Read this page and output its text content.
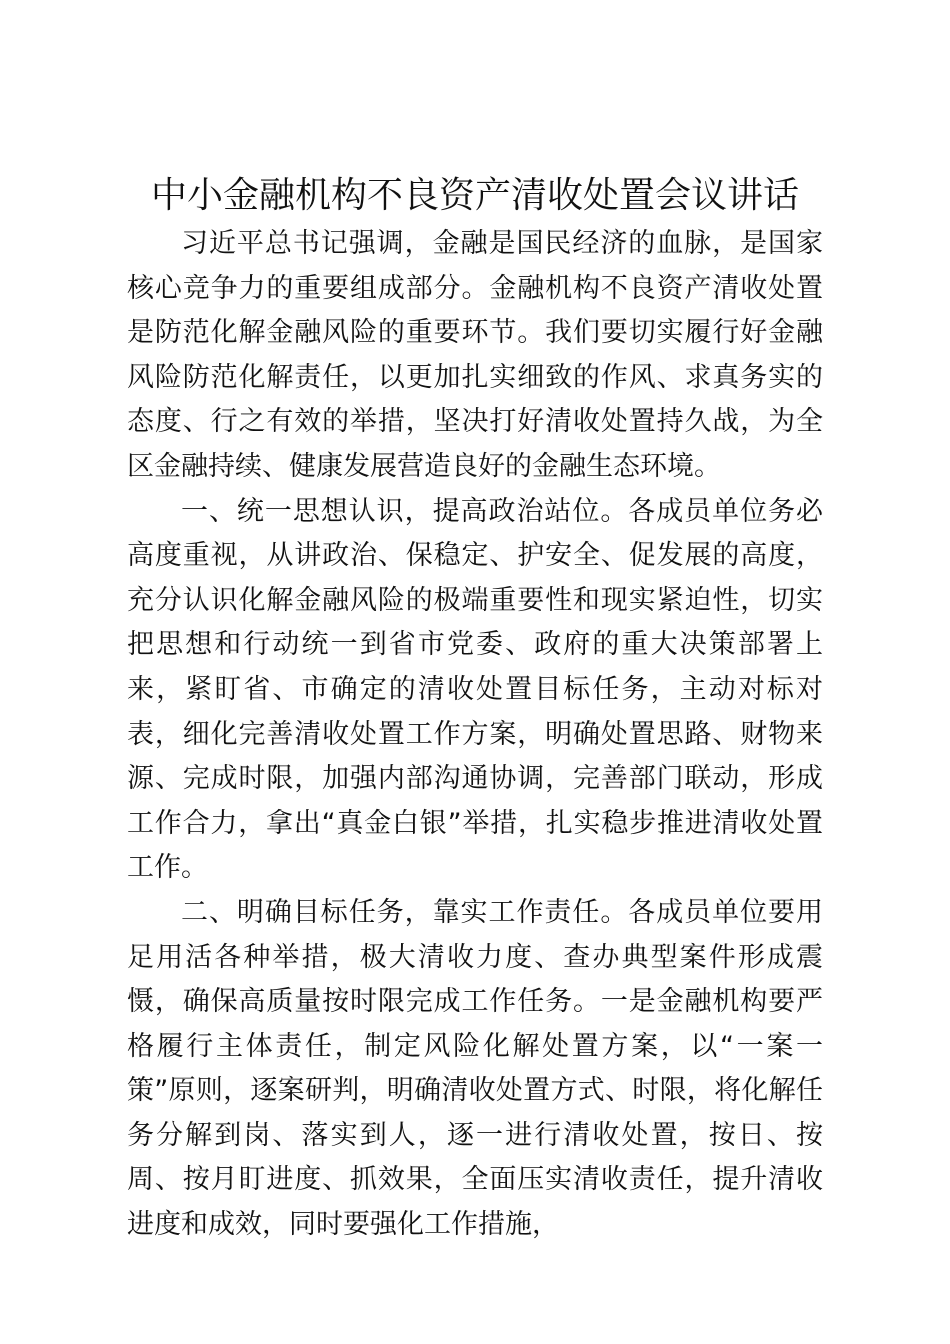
中小金融机构不良资产清收处置会议讲话

习近平总书记强调，金融是国民经济的血脉，是国家核心竞争力的重要组成部分。金融机构不良资产清收处置是防范化解金融风险的重要环节。我们要切实履行好金融风险防范化解责任，以更加扎实细致的作风、求真务实的态度、行之有效的举措，坚决打好清收处置持久战，为全区金融持续、健康发展营造良好的金融生态环境。

一、统一思想认识，提高政治站位。各成员单位务必高度重视，从讲政治、保稳定、护安全、促发展的高度，充分认识化解金融风险的极端重要性和现实紧迫性，切实把思想和行动统一到省市党委、政府的重大决策部署上来，紧盯省、市确定的清收处置目标任务，主动对标对表，细化完善清收处置工作方案，明确处置思路、财物来源、完成时限，加强内部沟通协调，完善部门联动，形成工作合力，拿出“真金白银”举措，扎实稳步推进清收处置工作。

二、明确目标任务，靠实工作责任。各成员单位要用足用活各种举措，极大清收力度、查办典型案件形成震慑，确保高质量按时限完成工作任务。一是金融机构要严格履行主体责任，制定风险化解处置方案，以“一案一策”原则，逐案研判，明确清收处置方式、时限，将化解任务分解到岗、落实到人，逐一进行清收处置，按日、按周、按月盯进度、抓效果，全面压实清收责任，提升清收进度和成效，同时要强化工作措施，
